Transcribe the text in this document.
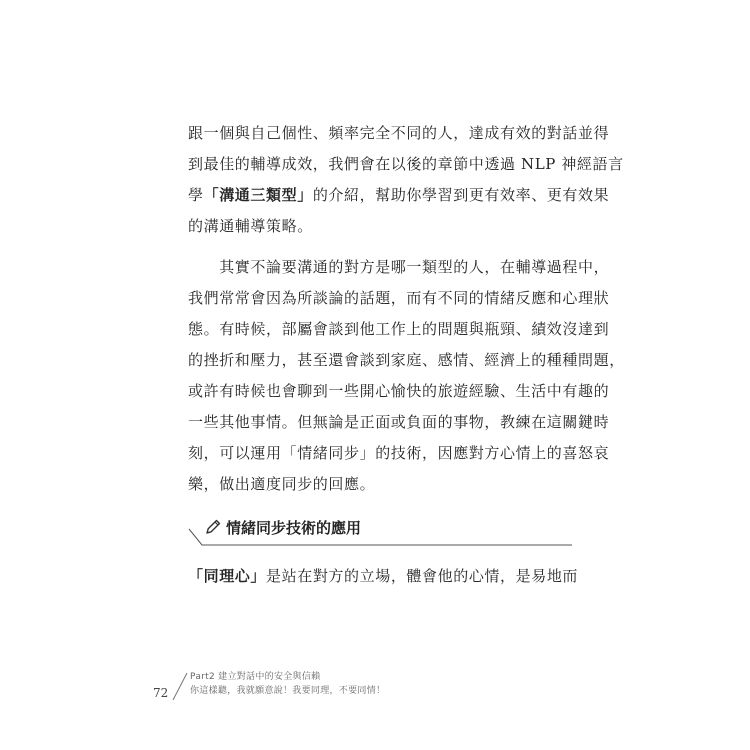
跟一個與自己個性、頻率完全不同的人，達成有效的對話並得
到最佳的輔導成效，我們會在以後的章節中透過 NLP 神經語言
學「溝通三類型」的介紹，幫助你學習到更有效率、更有效果
的溝通輔導策略。
　　其實不論要溝通的對方是哪一類型的人，在輔導過程中，
我們常常會因為所談論的話題，而有不同的情緒反應和心理狀
態。有時候，部屬會談到他工作上的問題與瓶頸、績效沒達到
的挫折和壓力，甚至還會談到家庭、感情、經濟上的種種問題，
或許有時候也會聊到一些開心愉快的旅遊經驗、生活中有趣的
一些其他事情。但無論是正面或負面的事物，教練在這關鍵時
刻，可以運用「情緒同步」的技術，因應對方心情上的喜怒哀
樂，做出適度同步的回應。
情緒同步技術的應用
「同理心」是站在對方的立場，體會他的心情，是易地而
72
Part2 建立對話中的安全與信賴
你這樣聽，我就願意說！我要同理，不要同情！
